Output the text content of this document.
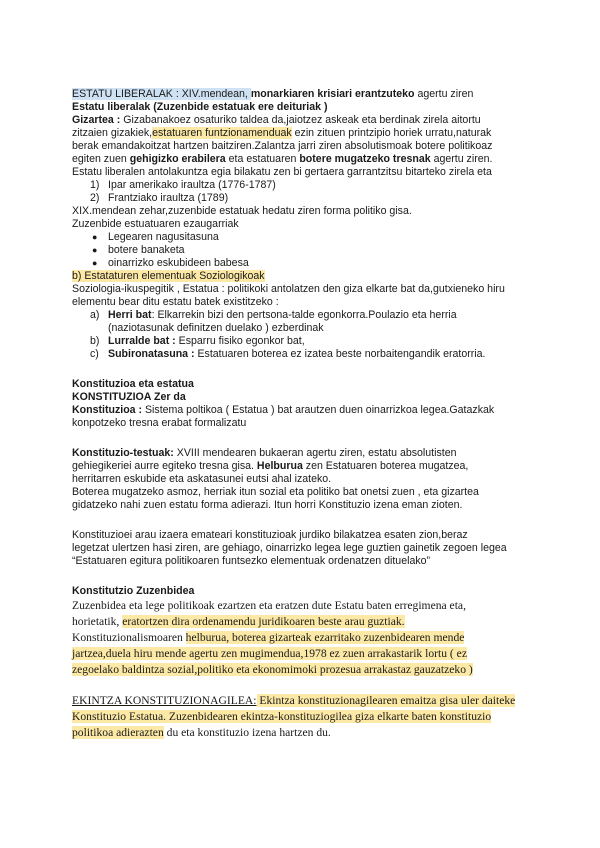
ESTATU LIBERALAK : XIV.mendean, monarkiaren krisiari erantzuteko agertu ziren
Estatu liberalak (Zuzenbide estatuak ere deituriak )
Gizartea : Gizabanakoez osaturiko taldea da,jaiotzez askeak eta berdinak zirela aitortu
zitzaien gizakiek,estatuaren funtzionamenduak ezin zituen printzipio horiek urratu,naturak
berak emandakoitzat hartzen baitziren.Zalantza jarri ziren absolutismoak botere politikoaz
egiten zuen gehigizko erabilera eta estatuaren botere mugatzeko tresnak agertu ziren.
Estatu liberalen antolakuntza egia bilakatu zen bi gertaera garrantzitsu bitarteko zirela eta
1) Ipar amerikako iraultza (1776-1787)
2) Frantziako iraultza (1789)
XIX.mendean zehar,zuzenbide estatuak hedatu ziren forma politiko gisa.
Zuzenbide estuatuaren ezaugarriak
● Legearen nagusitasuna
● botere banaketa
● oinarrizko eskubideen babesa
b) Estataturen elementuak Soziologikoak
Soziologia-ikuspegitik , Estatua : politikoki antolatzen den giza elkarte bat da,gutxieneko hiru
elementu bear ditu estatu batek existitzeko :
a) Herri bat: Elkarrekin bizi den pertsona-talde egonkorra.Poulazio eta herria
(naziotasunak definitzen duelako ) ezberdinak
b) Lurralde bat : Esparru fisiko egonkor bat,
c) Subironatasuna : Estatuaren boterea ez izatea beste norbaitengandik eratorria.
Konstituzioa eta estatua
KONSTITUZIOA Zer da
Konstituzioa : Sistema poltikoa ( Estatua ) bat arautzen duen oinarrizkoa legea.Gatazkak
konpotzeko tresna erabat formalizatu
Konstituzio-testuak: XVIII mendearen bukaeran agertu ziren, estatu absolutisten
gehiegikeriei aurre egiteko tresna gisa. Helburua zen Estatuaren boterea mugatzea,
herritarren eskubide eta askatasunei eutsi ahal izateko.
Boterea mugatzeko asmoz, herriak itun sozial eta politiko bat onetsi zuen , eta gizartea
gidatzeko nahi zuen estatu forma adierazi. Itun horri Konstituzio izena eman zioten.
Konstituzioei arau izaera emateari konstituzioak jurdiko bilakatzea esaten zion,beraz
legetzat ulertzen hasi ziren, are gehiago, oinarrizko legea lege guztien gainetik zegoen legea
“Estatuaren egitura politikoaren funtsezko elementuak ordenatzen dituelako”
Konstitutzio Zuzenbidea
Zuzenbidea eta lege politikoak ezartzen eta eratzen dute Estatu baten erregimena eta,
horietatik, eratortzen dira ordenamendu juridikoaren beste arau guztiak.
Konstituzionalismoaren helburua, boterea gizarteak ezarritako zuzenbidearen mende
jartzea,duela hiru mende agertu zen mugimendua,1978 ez zuen arrakastarik lortu ( ez
zegoelako baldintza sozial,politiko eta ekonomimoki prozesua arrakastaz gauzatzeko )
EKINTZA KONSTITUZIONAGILEA: Ekintza konstituzionagilearen emaitza gisa uler daiteke
Konstituzio Estatua. Zuzenbidearen ekintza-konstituziogilea giza elkarte baten konstituzio
politikoa adierazten du eta konstituzio izena hartzen du.
